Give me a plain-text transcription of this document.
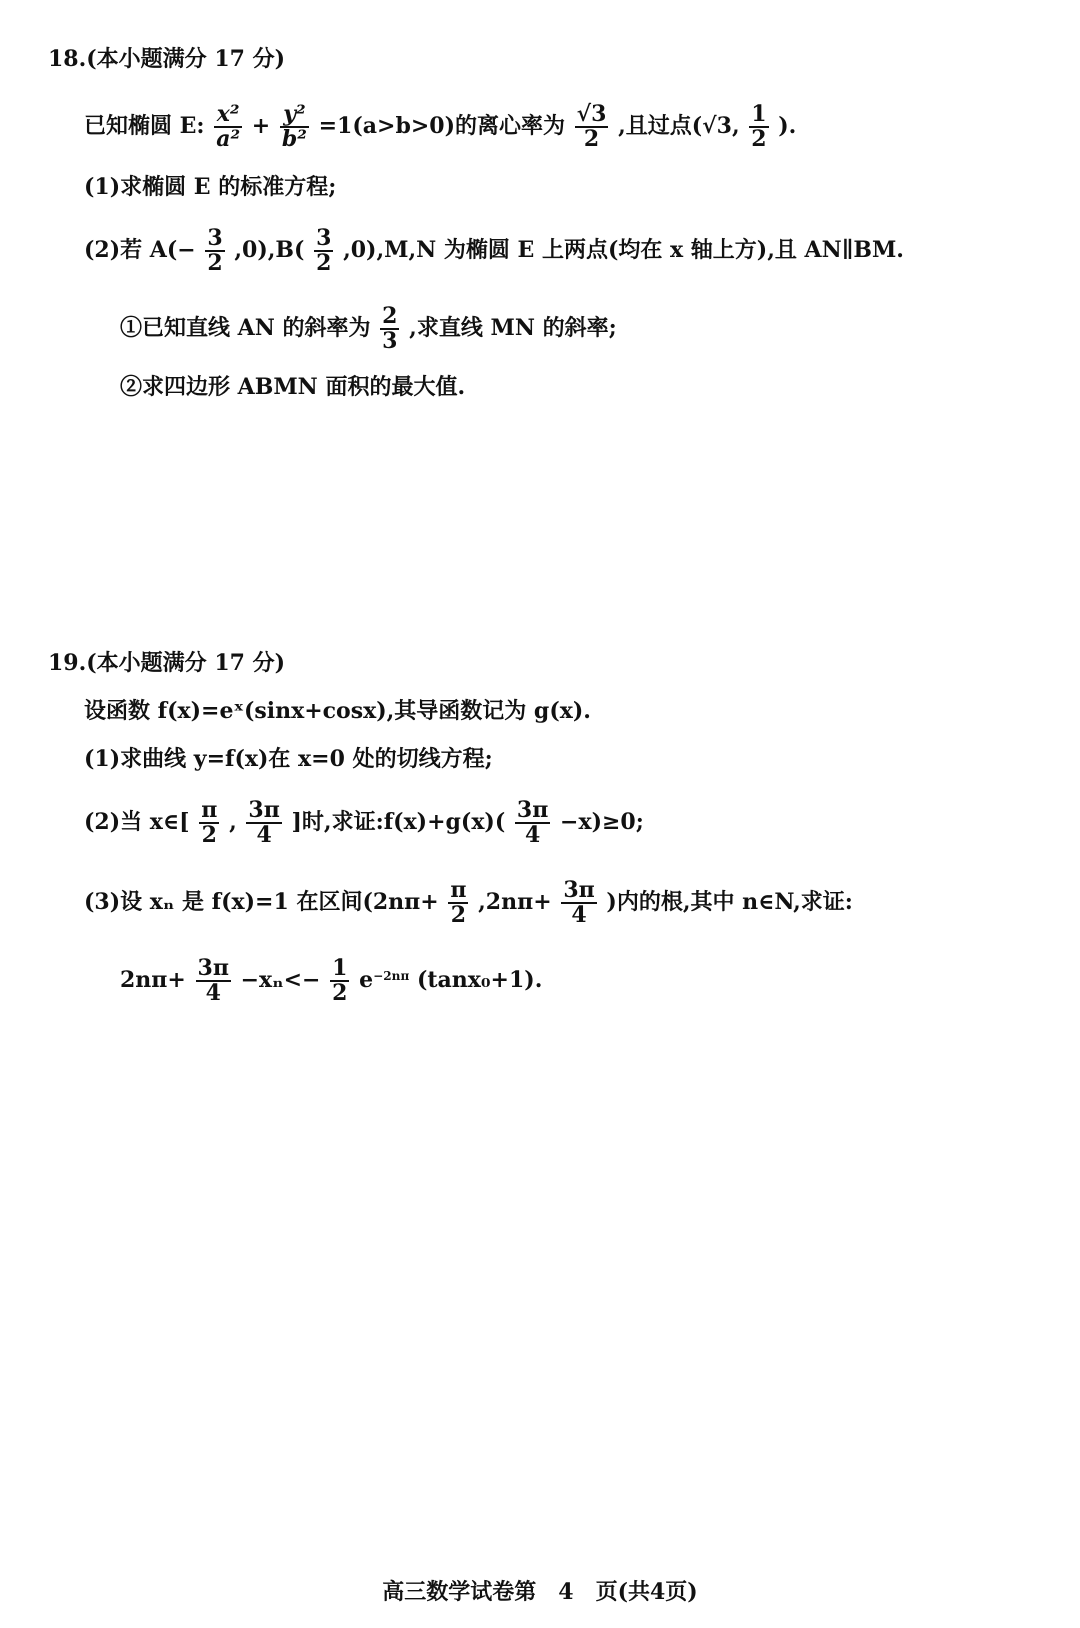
18.(本小题满分 17 分)
已知椭圆 E: $\frac{\text{x²}}{\text{a²}} + \frac{\text{y²}}{\text{b²}} =1(a>b>0)$的离心率为 $\frac{√3}{2}$ ,且过点(√3, $\frac{1}{2}$ ).
(1)求椭圆 E 的标准方程;
(2)若 $A(- \frac{3}{2} ,0),B( \frac{3}{2} ,0),M,N$ 为椭圆 E 上两点(均在 x 轴上方),且 AN∥BM.
①已知直线 AN 的斜率为 $\frac{2}{3}$ ,求直线 MN 的斜率;
②求四边形 ABMN 面积的最大值.
19.(本小题满分 17 分)
设函数 f(x)=eˣ(sinx+cosx),其导函数记为 g(x).
(1)求曲线 y=f(x)在 x=0 处的切线方程;
(2)当 x∈[ $\frac{\pi}{2}$ , $\frac{3\pi}{4}$ ]时,求证:f(x)+g(x)( $\frac{3\pi}{4} -x)\ge 0$;
(3)设 xₙ 是 f(x)=1 在区间($2n\pi+ \frac{\pi}{2} ,2n\pi+ \frac{3\pi}{4}$ )内的根,其中 n∈N,求证:
$2n\pi+ \frac{3\pi}{4} -x_n<- \frac{1}{2} e^{-2n\pi}$ (tanx₀+1).
高三数学试卷第　4　页(共4页)
